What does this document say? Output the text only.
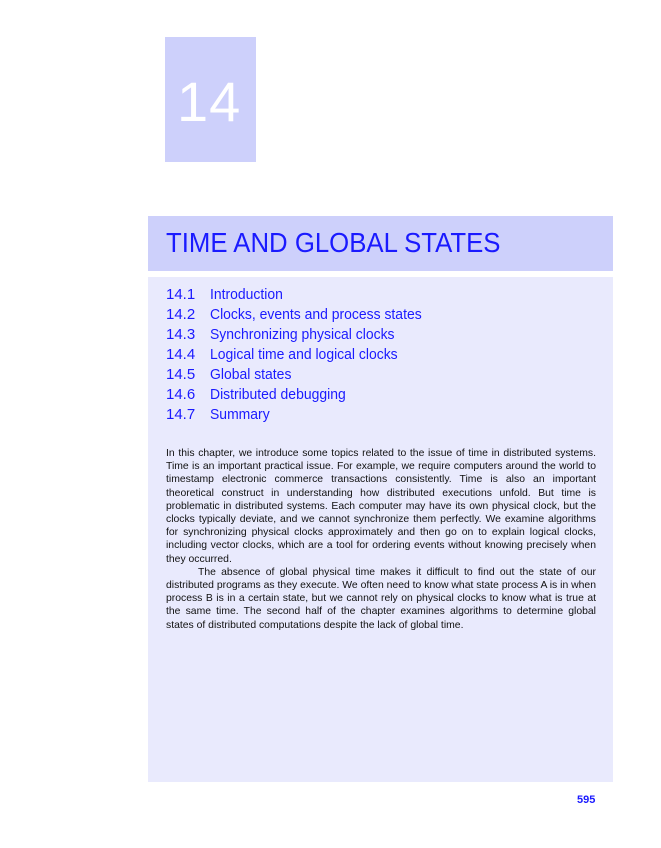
14
TIME AND GLOBAL STATES
14.1 Introduction
14.2 Clocks, events and process states
14.3 Synchronizing physical clocks
14.4 Logical time and logical clocks
14.5 Global states
14.6 Distributed debugging
14.7 Summary

In this chapter, we introduce some topics related to the issue of time in distributed systems. Time is an important practical issue. For example, we require computers around the world to timestamp electronic commerce transactions consistently. Time is also an important theoretical construct in understanding how distributed executions unfold. But time is problematic in distributed systems. Each computer may have its own physical clock, but the clocks typically deviate, and we cannot synchronize them perfectly. We examine algorithms for synchronizing physical clocks approximately and then go on to explain logical clocks, including vector clocks, which are a tool for ordering events without knowing precisely when they occurred.

The absence of global physical time makes it difficult to find out the state of our distributed programs as they execute. We often need to know what state process A is in when process B is in a certain state, but we cannot rely on physical clocks to know what is true at the same time. The second half of the chapter examines algorithms to determine global states of distributed computations despite the lack of global time.

595
